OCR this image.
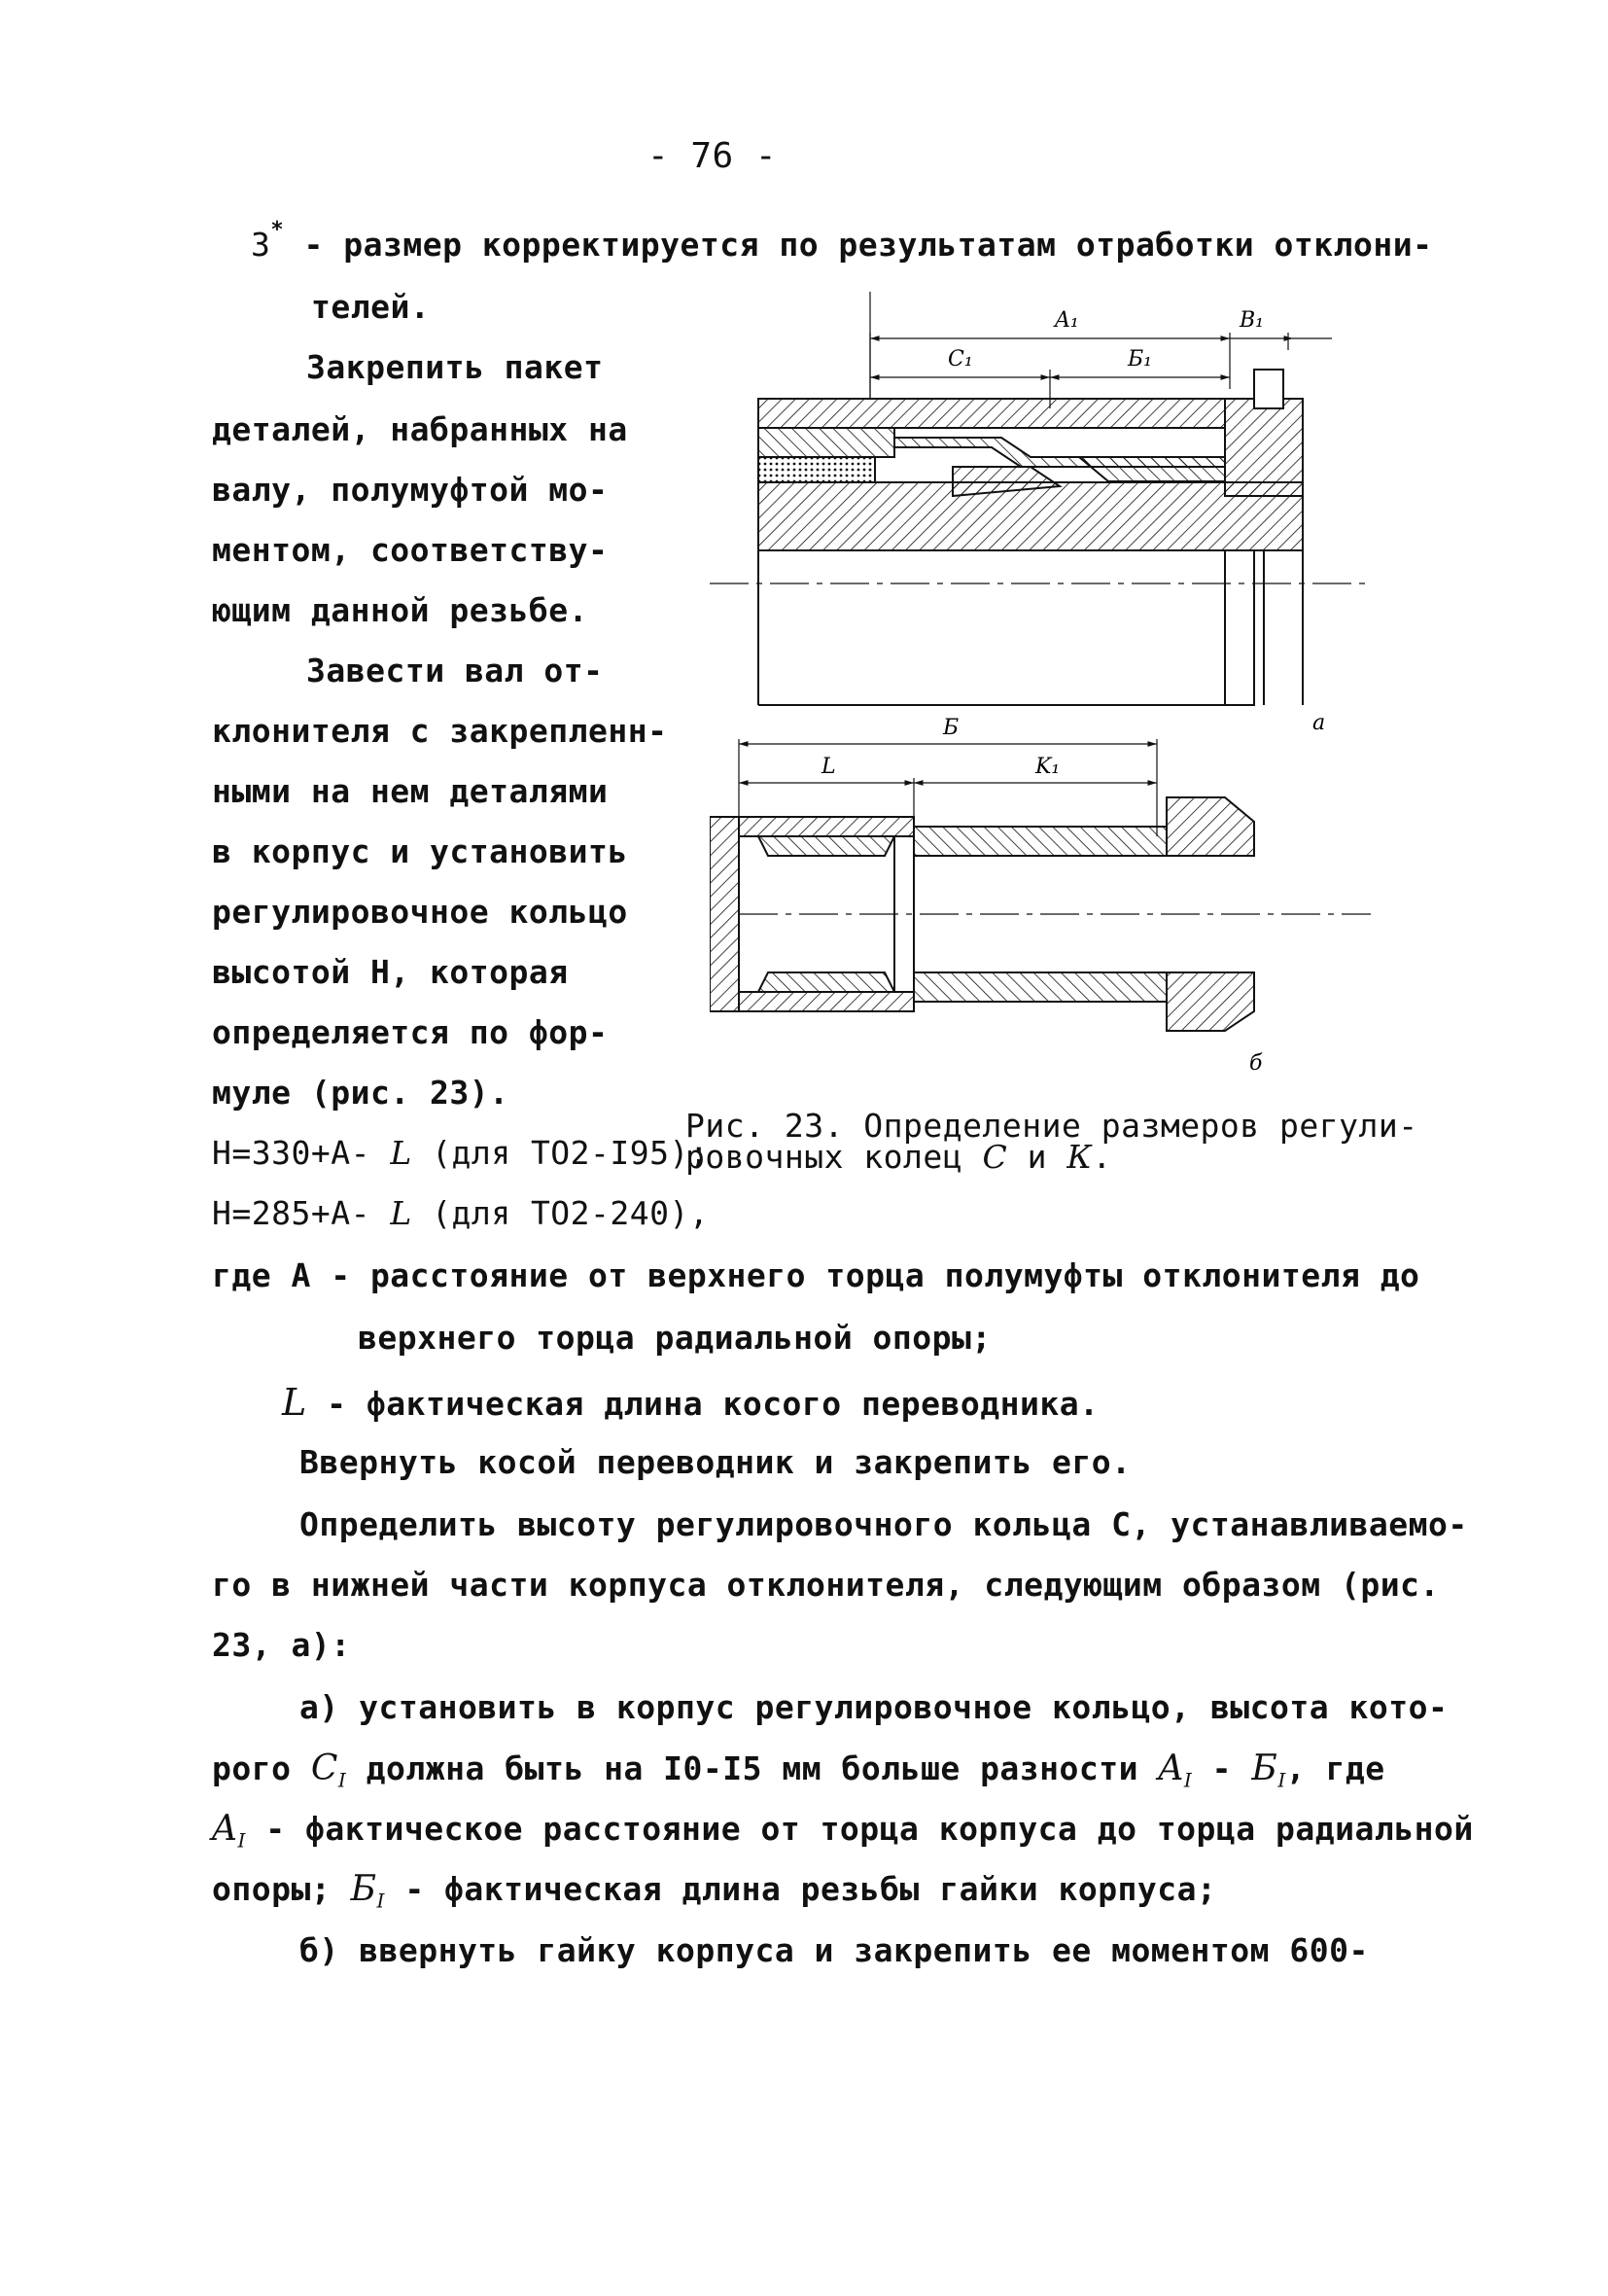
- 76 -
3* - размер корректируется по результатам отработки отклони-
телей.
Закрепить пакет
деталей, набранных на
валу, полумуфтой мо-
ментом, соответству-
ющим данной резьбе.
Завести вал от-
клонителя с закрепленн-
ными на нем деталями
в корпус и установить
регулировочное кольцо
высотой Н, которая
определяется по фор-
муле (рис. 23).
Н=330+А- L (для ТО2-I95);
Н=285+А- L (для ТО2-240),
Рис. 23. Определение размеров регули-
ровочных колец С и К.
A₁	B₁
C₁	Б₁
а
Б
L	K₁
б
где А - расстояние от верхнего торца полумуфты отклонителя до
верхнего торца радиальной опоры;
L - фактическая длина косого переводника.
Ввернуть косой переводник и закрепить его.
Определить высоту регулировочного кольца С, устанавливаемо-
го в нижней части корпуса отклонителя, следующим образом (рис.
23, а):
а) установить в корпус регулировочное кольцо, высота кото-
рого $C_I$ должна быть на I0-I5 мм больше разности $A_I - Б_I$, где
$A_I$ - фактическое расстояние от торца корпуса до торца радиальной
опоры; $Б_I$ - фактическая длина резьбы гайки корпуса;
б) ввернуть гайку корпуса и закрепить ее моментом 600-
